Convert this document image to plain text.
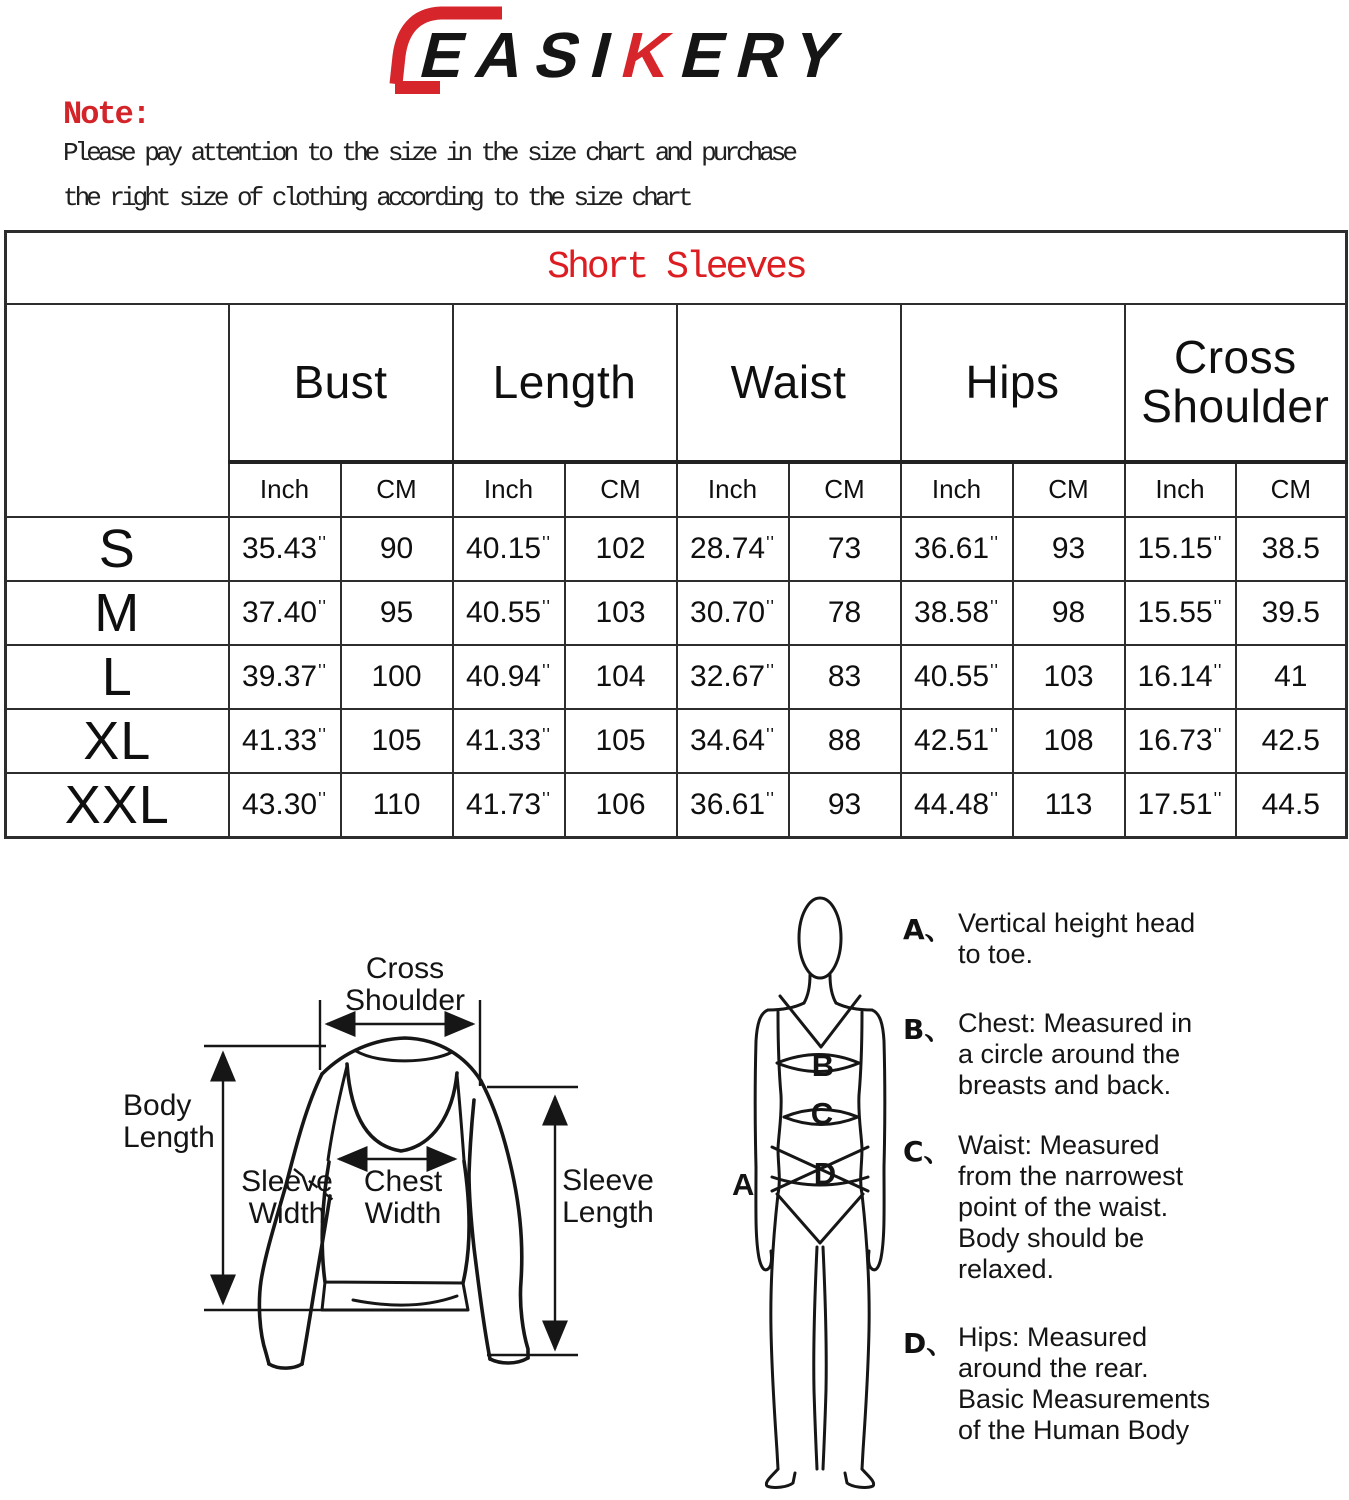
EASIKERY
Note:
Please pay attention to the size in the size chart and purchase
the right size of clothing according to the size chart
Short Sleeves										
	Bust		Length		Waist		Hips		Cross Shoulder	
	Inch	CM	Inch	CM	Inch	CM	Inch	CM	Inch	CM
S	35.43''	90	40.15''	102	28.74''	73	36.61''	93	15.15''	38.5
M	37.40''	95	40.55''	103	30.70''	78	38.58''	98	15.55''	39.5
L	39.37''	100	40.94''	104	32.67''	83	40.55''	103	16.14''	41
XL	41.33''	105	41.33''	105	34.64''	88	42.51''	108	16.73''	42.5
XXL	43.30''	110	41.73''	106	36.61''	93	44.48''	113	17.51''	44.5
Cross
Shoulder
Body
Length
Sleeve
Width
Chest
Width
Sleeve
Length
B
C
D
A
A、 Vertical height head
to toe.
B、 Chest: Measured in
a circle around the
breasts and back.
C、 Waist: Measured
from the narrowest
point of the waist.
Body should be
relaxed.
D、 Hips: Measured
around the rear.
Basic Measurements
of the Human Body
